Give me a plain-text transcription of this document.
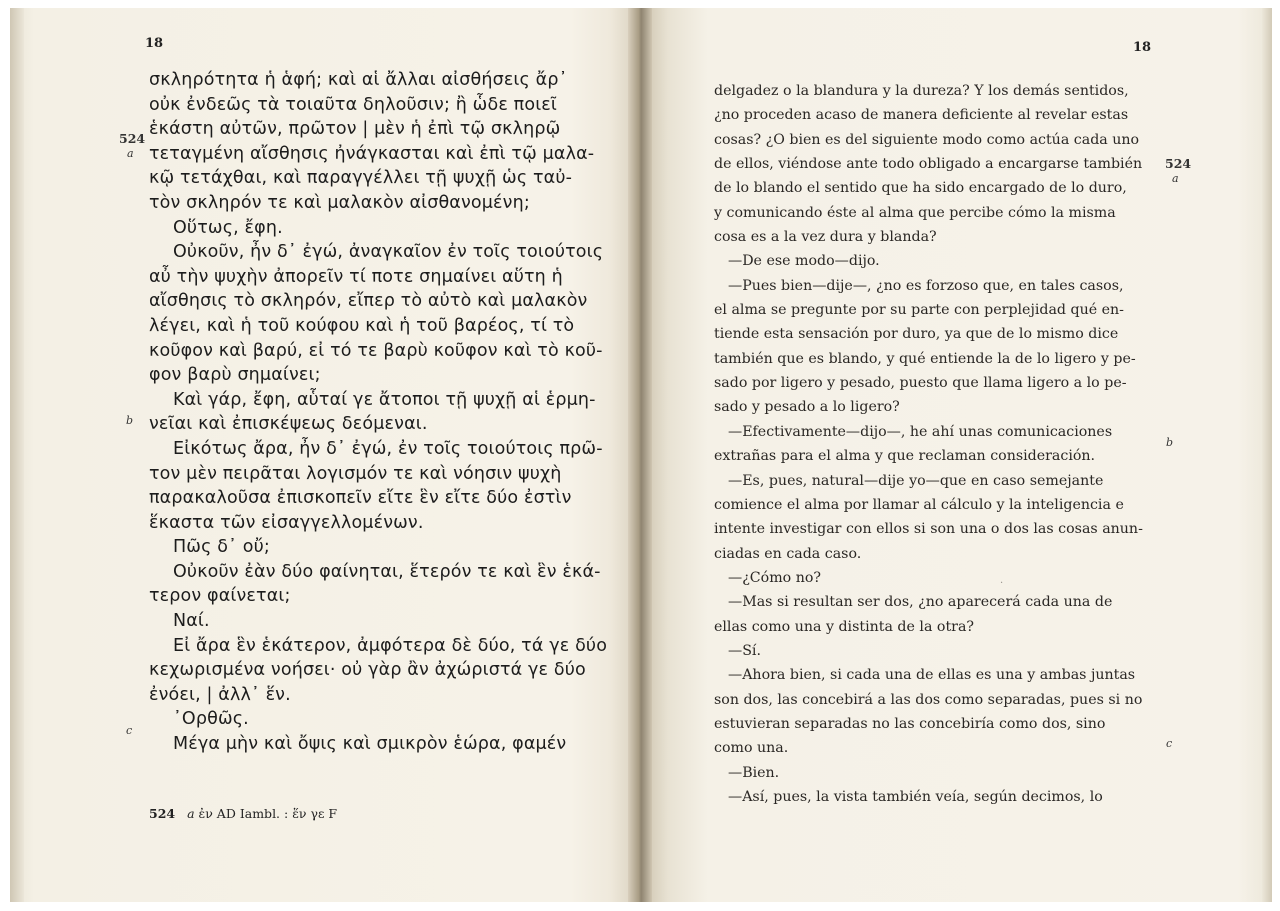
18
524
a
b
c
σκληρότητα ἡ ἁφή; καὶ αἱ ἄλλαι αἰσθήσεις ἄρ᾽
οὐκ ἐνδεῶς τὰ τοιαῦτα δηλοῦσιν; ἢ ὧδε ποιεῖ
ἑκάστη αὐτῶν, πρῶτον | μὲν ἡ ἐπὶ τῷ σκληρῷ
τεταγμένη αἴσθησις ἠνάγκασται καὶ ἐπὶ τῷ μαλα-
κῷ τετάχθαι, καὶ παραγγέλλει τῇ ψυχῇ ὡς ταὐ-
τὸν σκληρόν τε καὶ μαλακὸν αἰσθανομένη;
Οὕτως, ἔφη.
Οὐκοῦν, ἦν δ᾽ ἐγώ, ἀναγκαῖον ἐν τοῖς τοιούτοις
αὖ τὴν ψυχὴν ἀπορεῖν τί ποτε σημαίνει αὕτη ἡ
αἴσθησις τὸ σκληρόν, εἴπερ τὸ αὐτὸ καὶ μαλακὸν
λέγει, καὶ ἡ τοῦ κούφου καὶ ἡ τοῦ βαρέος, τί τὸ
κοῦφον καὶ βαρύ, εἰ τό τε βαρὺ κοῦφον καὶ τὸ κοῦ-
φον βαρὺ σημαίνει;
Καὶ γάρ, ἔφη, αὗταί γε ἄτοποι τῇ ψυχῇ αἱ ἑρμη-
νεῖαι καὶ ἐπισκέψεως δεόμεναι.
Εἰκότως ἄρα, ἦν δ᾽ ἐγώ, ἐν τοῖς τοιούτοις πρῶ-
τον μὲν πειρᾶται λογισμόν τε καὶ νόησιν ψυχὴ
παρακαλοῦσα ἐπισκοπεῖν εἴτε ἓν εἴτε δύο ἐστὶν
ἕκαστα τῶν εἰσαγγελλομένων.
Πῶς δ᾽ οὔ;
Οὐκοῦν ἐὰν δύο φαίνηται, ἕτερόν τε καὶ ἓν ἑκά-
τερον φαίνεται;
Ναί.
Εἰ ἄρα ἓν ἑκάτερον, ἀμφότερα δὲ δύο, τά γε δύο
κεχωρισμένα νοήσει· οὐ γὰρ ἂν ἀχώριστά γε δύο
ἐνόει, | ἀλλ᾽ ἕν.
᾿Ορθῶς.
Μέγα μὴν καὶ ὄψις καὶ σμικρὸν ἑώρα, φαμέν
524 a ἐν AD Iambl. : ἕν γε F
18
524
a
b
c
delgadez o la blandura y la dureza? Y los demás sentidos,
¿no proceden acaso de manera deficiente al revelar estas
cosas? ¿O bien es del siguiente modo como actúa cada uno
de ellos, viéndose ante todo obligado a encargarse también
de lo blando el sentido que ha sido encargado de lo duro,
y comunicando éste al alma que percibe cómo la misma
cosa es a la vez dura y blanda?
—De ese modo—dijo.
—Pues bien—dije—, ¿no es forzoso que, en tales casos,
el alma se pregunte por su parte con perplejidad qué en-
tiende esta sensación por duro, ya que de lo mismo dice
también que es blando, y qué entiende la de lo ligero y pe-
sado por ligero y pesado, puesto que llama ligero a lo pe-
sado y pesado a lo ligero?
—Efectivamente—dijo—, he ahí unas comunicaciones
extrañas para el alma y que reclaman consideración.
—Es, pues, natural—dije yo—que en caso semejante
comience el alma por llamar al cálculo y la inteligencia e
intente investigar con ellos si son una o dos las cosas anun-
ciadas en cada caso.
—¿Cómo no?
—Mas si resultan ser dos, ¿no aparecerá cada una de
ellas como una y distinta de la otra?
—Sí.
—Ahora bien, si cada una de ellas es una y ambas juntas
son dos, las concebirá a las dos como separadas, pues si no
estuvieran separadas no las concebiría como dos, sino
como una.
—Bien.
—Así, pues, la vista también veía, según decimos, lo
·
